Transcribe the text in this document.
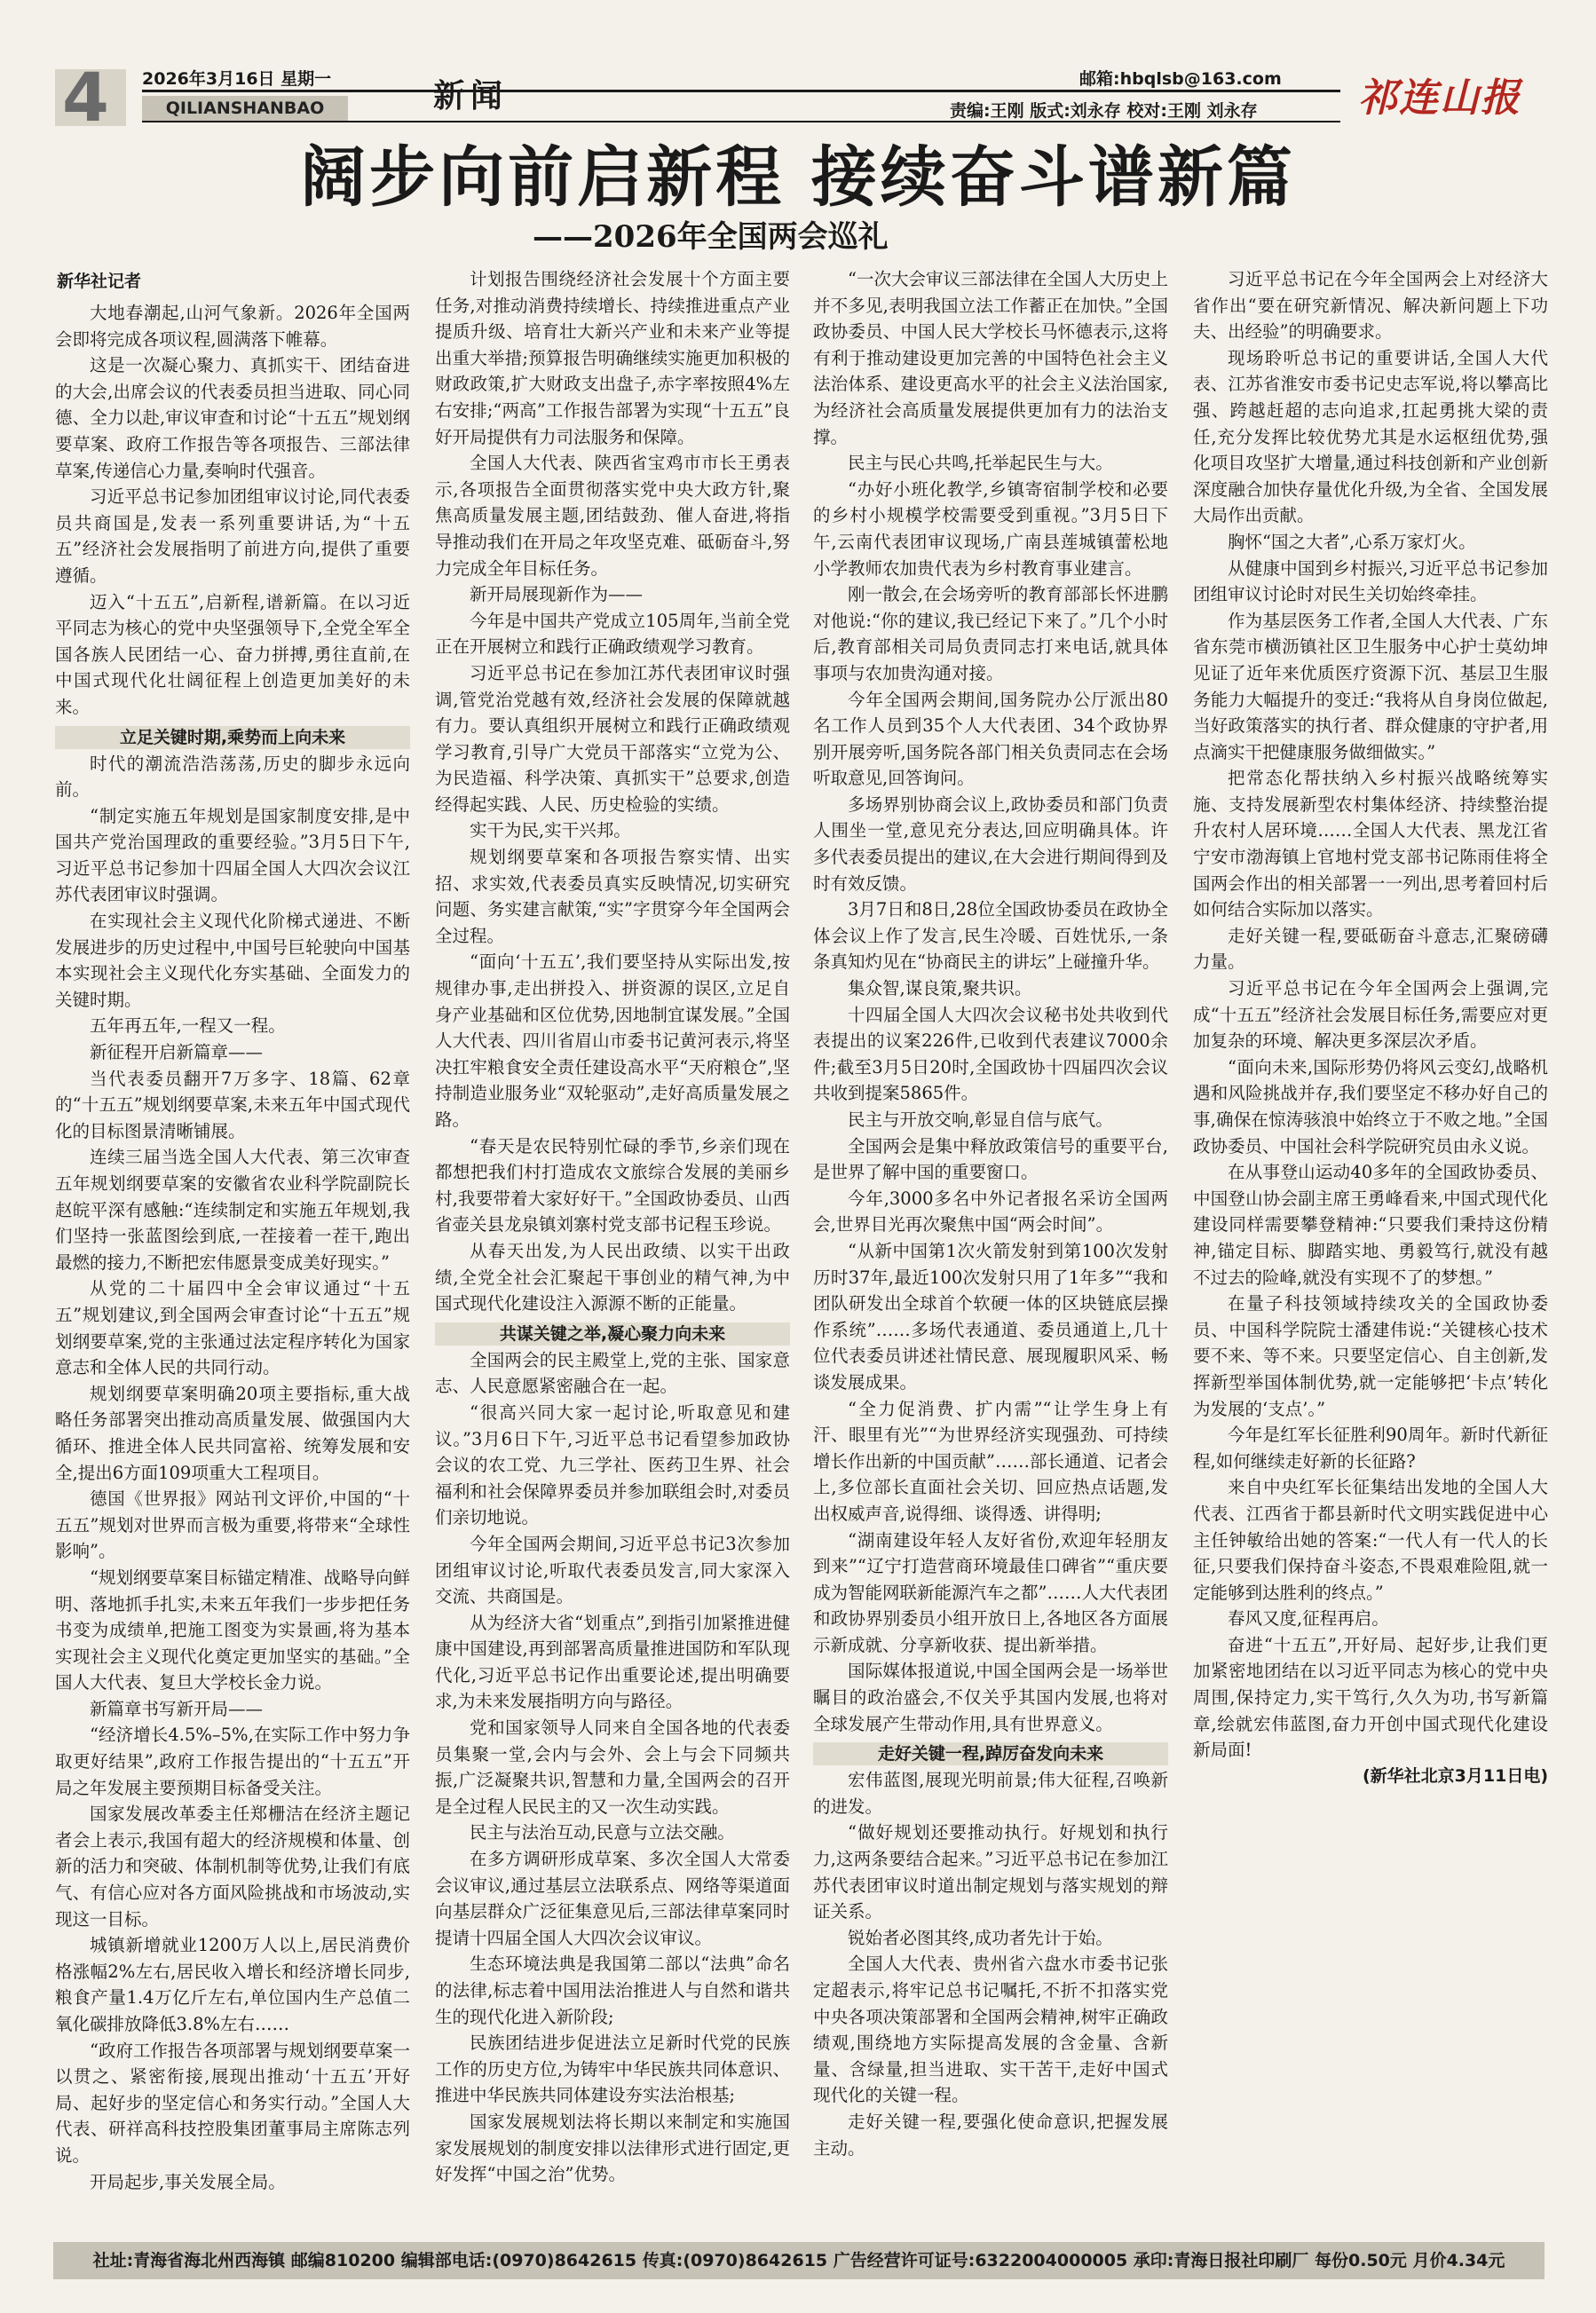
4 2026年3月16日 星期一
QILIANSHANBAO	新闻	邮箱:hbqlsb@163.com
责编:王刚 版式:刘永存 校对:王刚 刘永存	祁连山报
阔步向前启新程 接续奋斗谱新篇
——2026年全国两会巡礼
新华社记者

大地春潮起,山河气象新。2026年全国两会即将完成各项议程,圆满落下帷幕。

这是一次凝心聚力、真抓实干、团结奋进的大会,出席会议的代表委员担当进取、同心同德、全力以赴,审议审查和讨论“十五五”规划纲要草案、政府工作报告等各项报告、三部法律草案,传递信心力量,奏响时代强音。

习近平总书记参加团组审议讨论,同代表委员共商国是,发表一系列重要讲话,为“十五五”经济社会发展指明了前进方向,提供了重要遵循。

迈入“十五五”,启新程,谱新篇。在以习近平同志为核心的党中央坚强领导下,全党全军全国各族人民团结一心、奋力拼搏,勇往直前,在中国式现代化壮阔征程上创造更加美好的未来。

立足关键时期,乘势而上向未来

时代的潮流浩浩荡荡,历史的脚步永远向前。

“制定实施五年规划是国家制度安排,是中国共产党治国理政的重要经验。”3月5日下午,习近平总书记参加十四届全国人大四次会议江苏代表团审议时强调。

在实现社会主义现代化阶梯式递进、不断发展进步的历史过程中,中国号巨轮驶向中国基本实现社会主义现代化夯实基础、全面发力的关键时期。

五年再五年,一程又一程。

新征程开启新篇章——

当代表委员翻开7万多字、18篇、62章的“十五五”规划纲要草案,未来五年中国式现代化的目标图景清晰铺展。

连续三届当选全国人大代表、第三次审查五年规划纲要草案的安徽省农业科学院副院长赵皖平深有感触:“连续制定和实施五年规划,我们坚持一张蓝图绘到底,一茬接着一茬干,跑出最燃的接力,不断把宏伟愿景变成美好现实。”

从党的二十届四中全会审议通过“十五五”规划建议,到全国两会审查讨论“十五五”规划纲要草案,党的主张通过法定程序转化为国家意志和全体人民的共同行动。

规划纲要草案明确20项主要指标,重大战略任务部署突出推动高质量发展、做强国内大循环、推进全体人民共同富裕、统筹发展和安全,提出6方面109项重大工程项目。

德国《世界报》网站刊文评价,中国的“十五五”规划对世界而言极为重要,将带来“全球性影响”。

“规划纲要草案目标锚定精准、战略导向鲜明、落地抓手扎实,未来五年我们一步步把任务书变为成绩单,把施工图变为实景画,将为基本实现社会主义现代化奠定更加坚实的基础。”全国人大代表、复旦大学校长金力说。

新篇章书写新开局——

“经济增长4.5%–5%,在实际工作中努力争取更好结果”,政府工作报告提出的“十五五”开局之年发展主要预期目标备受关注。

国家发展改革委主任郑栅洁在经济主题记者会上表示,我国有超大的经济规模和体量、创新的活力和突破、体制机制等优势,让我们有底气、有信心应对各方面风险挑战和市场波动,实现这一目标。

城镇新增就业1200万人以上,居民消费价格涨幅2%左右,居民收入增长和经济增长同步,粮食产量1.4万亿斤左右,单位国内生产总值二氧化碳排放降低3.8%左右……

“政府工作报告各项部署与规划纲要草案一以贯之、紧密衔接,展现出推动‘十五五’开好局、起好步的坚定信心和务实行动。”全国人大代表、研祥高科技控股集团董事局主席陈志列说。

开局起步,事关发展全局。

计划报告围绕经济社会发展十个方面主要任务,对推动消费持续增长、持续推进重点产业提质升级、培育壮大新兴产业和未来产业等提出重大举措;预算报告明确继续实施更加积极的财政政策,扩大财政支出盘子,赤字率按照4%左右安排;“两高”工作报告部署为实现“十五五”良好开局提供有力司法服务和保障。

全国人大代表、陕西省宝鸡市市长王勇表示,各项报告全面贯彻落实党中央大政方针,聚焦高质量发展主题,团结鼓劲、催人奋进,将指导推动我们在开局之年攻坚克难、砥砺奋斗,努力完成全年目标任务。

新开局展现新作为——

今年是中国共产党成立105周年,当前全党正在开展树立和践行正确政绩观学习教育。

习近平总书记在参加江苏代表团审议时强调,管党治党越有效,经济社会发展的保障就越有力。要认真组织开展树立和践行正确政绩观学习教育,引导广大党员干部落实“立党为公、为民造福、科学决策、真抓实干”总要求,创造经得起实践、人民、历史检验的实绩。

实干为民,实干兴邦。

规划纲要草案和各项报告察实情、出实招、求实效,代表委员真实反映情况,切实研究问题、务实建言献策,“实”字贯穿今年全国两会全过程。

“面向‘十五五’,我们要坚持从实际出发,按规律办事,走出拼投入、拼资源的误区,立足自身产业基础和区位优势,因地制宜谋发展。”全国人大代表、四川省眉山市委书记黄河表示,将坚决扛牢粮食安全责任建设高水平“天府粮仓”,坚持制造业服务业“双轮驱动”,走好高质量发展之路。

“春天是农民特别忙碌的季节,乡亲们现在都想把我们村打造成农文旅综合发展的美丽乡村,我要带着大家好好干。”全国政协委员、山西省壶关县龙泉镇刘寨村党支部书记程玉珍说。

从春天出发,为人民出政绩、以实干出政绩,全党全社会汇聚起干事创业的精气神,为中国式现代化建设注入源源不断的正能量。

共谋关键之举,凝心聚力向未来

全国两会的民主殿堂上,党的主张、国家意志、人民意愿紧密融合在一起。

“很高兴同大家一起讨论,听取意见和建议。”3月6日下午,习近平总书记看望参加政协会议的农工党、九三学社、医药卫生界、社会福利和社会保障界委员并参加联组会时,对委员们亲切地说。

今年全国两会期间,习近平总书记3次参加团组审议讨论,听取代表委员发言,同大家深入交流、共商国是。

从为经济大省“划重点”,到指引加紧推进健康中国建设,再到部署高质量推进国防和军队现代化,习近平总书记作出重要论述,提出明确要求,为未来发展指明方向与路径。

党和国家领导人同来自全国各地的代表委员集聚一堂,会内与会外、会上与会下同频共振,广泛凝聚共识,智慧和力量,全国两会的召开是全过程人民民主的又一次生动实践。

民主与法治互动,民意与立法交融。

在多方调研形成草案、多次全国人大常委会议审议,通过基层立法联系点、网络等渠道面向基层群众广泛征集意见后,三部法律草案同时提请十四届全国人大四次会议审议。

生态环境法典是我国第二部以“法典”命名的法律,标志着中国用法治推进人与自然和谐共生的现代化进入新阶段;

民族团结进步促进法立足新时代党的民族工作的历史方位,为铸牢中华民族共同体意识、推进中华民族共同体建设夯实法治根基;

国家发展规划法将长期以来制定和实施国家发展规划的制度安排以法律形式进行固定,更好发挥“中国之治”优势。

“一次大会审议三部法律在全国人大历史上并不多见,表明我国立法工作蓄正在加快。”全国政协委员、中国人民大学校长马怀德表示,这将有利于推动建设更加完善的中国特色社会主义法治体系、建设更高水平的社会主义法治国家,为经济社会高质量发展提供更加有力的法治支撑。

民主与民心共鸣,托举起民生与大。

“办好小班化教学,乡镇寄宿制学校和必要的乡村小规模学校需要受到重视。”3月5日下午,云南代表团审议现场,广南县莲城镇蕾松地小学教师农加贵代表为乡村教育事业建言。

刚一散会,在会场旁听的教育部部长怀进鹏对他说:“你的建议,我已经记下来了。”几个小时后,教育部相关司局负责同志打来电话,就具体事项与农加贵沟通对接。

今年全国两会期间,国务院办公厅派出80名工作人员到35个人大代表团、34个政协界别开展旁听,国务院各部门相关负责同志在会场听取意见,回答询问。

多场界别协商会议上,政协委员和部门负责人围坐一堂,意见充分表达,回应明确具体。许多代表委员提出的建议,在大会进行期间得到及时有效反馈。

3月7日和8日,28位全国政协委员在政协全体会议上作了发言,民生冷暖、百姓忧乐,一条条真知灼见在“协商民主的讲坛”上碰撞升华。

集众智,谋良策,聚共识。

十四届全国人大四次会议秘书处共收到代表提出的议案226件,已收到代表建议7000余件;截至3月5日20时,全国政协十四届四次会议共收到提案5865件。

民主与开放交响,彰显自信与底气。

全国两会是集中释放政策信号的重要平台,是世界了解中国的重要窗口。

今年,3000多名中外记者报名采访全国两会,世界目光再次聚焦中国“两会时间”。

“从新中国第1次火箭发射到第100次发射历时37年,最近100次发射只用了1年多”“我和团队研发出全球首个软硬一体的区块链底层操作系统”……多场代表通道、委员通道上,几十位代表委员讲述社情民意、展现履职风采、畅谈发展成果。

“全力促消费、扩内需”“让学生身上有汗、眼里有光”“为世界经济实现强劲、可持续增长作出新的中国贡献”……部长通道、记者会上,多位部长直面社会关切、回应热点话题,发出权威声音,说得细、谈得透、讲得明;

“湖南建设年轻人友好省份,欢迎年轻朋友到来”“辽宁打造营商环境最佳口碑省”“重庆要成为智能网联新能源汽车之都”……人大代表团和政协界别委员小组开放日上,各地区各方面展示新成就、分享新收获、提出新举措。

国际媒体报道说,中国全国两会是一场举世瞩目的政治盛会,不仅关乎其国内发展,也将对全球发展产生带动作用,具有世界意义。

走好关键一程,踔厉奋发向未来

宏伟蓝图,展现光明前景;伟大征程,召唤新的进发。

“做好规划还要推动执行。好规划和执行力,这两条要结合起来。”习近平总书记在参加江苏代表团审议时道出制定规划与落实规划的辩证关系。

锐始者必图其终,成功者先计于始。

全国人大代表、贵州省六盘水市委书记张定超表示,将牢记总书记嘱托,不折不扣落实党中央各项决策部署和全国两会精神,树牢正确政绩观,围绕地方实际提高发展的含金量、含新量、含绿量,担当进取、实干苦干,走好中国式现代化的关键一程。

走好关键一程,要强化使命意识,把握发展主动。

习近平总书记在今年全国两会上对经济大省作出“要在研究新情况、解决新问题上下功夫、出经验”的明确要求。

现场聆听总书记的重要讲话,全国人大代表、江苏省淮安市委书记史志军说,将以攀高比强、跨越赶超的志向追求,扛起勇挑大梁的责任,充分发挥比较优势尤其是水运枢纽优势,强化项目攻坚扩大增量,通过科技创新和产业创新深度融合加快存量优化升级,为全省、全国发展大局作出贡献。

胸怀“国之大者”,心系万家灯火。

从健康中国到乡村振兴,习近平总书记参加团组审议讨论时对民生关切始终牵挂。

作为基层医务工作者,全国人大代表、广东省东莞市横沥镇社区卫生服务中心护士莫幼坤见证了近年来优质医疗资源下沉、基层卫生服务能力大幅提升的变迁:“我将从自身岗位做起,当好政策落实的执行者、群众健康的守护者,用点滴实干把健康服务做细做实。”

把常态化帮扶纳入乡村振兴战略统筹实施、支持发展新型农村集体经济、持续整治提升农村人居环境……全国人大代表、黑龙江省宁安市渤海镇上官地村党支部书记陈雨佳将全国两会作出的相关部署一一列出,思考着回村后如何结合实际加以落实。

走好关键一程,要砥砺奋斗意志,汇聚磅礴力量。

习近平总书记在今年全国两会上强调,完成“十五五”经济社会发展目标任务,需要应对更加复杂的环境、解决更多深层次矛盾。

“面向未来,国际形势仍将风云变幻,战略机遇和风险挑战并存,我们要坚定不移办好自己的事,确保在惊涛骇浪中始终立于不败之地。”全国政协委员、中国社会科学院研究员由永义说。

在从事登山运动40多年的全国政协委员、中国登山协会副主席王勇峰看来,中国式现代化建设同样需要攀登精神:“只要我们秉持这份精神,锚定目标、脚踏实地、勇毅笃行,就没有越不过去的险峰,就没有实现不了的梦想。”

在量子科技领域持续攻关的全国政协委员、中国科学院院士潘建伟说:“关键核心技术要不来、等不来。只要坚定信心、自主创新,发挥新型举国体制优势,就一定能够把‘卡点’转化为发展的‘支点’。”

今年是红军长征胜利90周年。新时代新征程,如何继续走好新的长征路?

来自中央红军长征集结出发地的全国人大代表、江西省于都县新时代文明实践促进中心主任钟敏给出她的答案:“一代人有一代人的长征,只要我们保持奋斗姿态,不畏艰难险阻,就一定能够到达胜利的终点。”

春风又度,征程再启。

奋进“十五五”,开好局、起好步,让我们更加紧密地团结在以习近平同志为核心的党中央周围,保持定力,实干笃行,久久为功,书写新篇章,绘就宏伟蓝图,奋力开创中国式现代化建设新局面!

(新华社北京3月11日电)
社址:青海省海北州西海镇 邮编810200 编辑部电话:(0970)8642615 传真:(0970)8642615 广告经营许可证号:6322004000005 承印:青海日报社印刷厂 每份0.50元 月价4.34元
